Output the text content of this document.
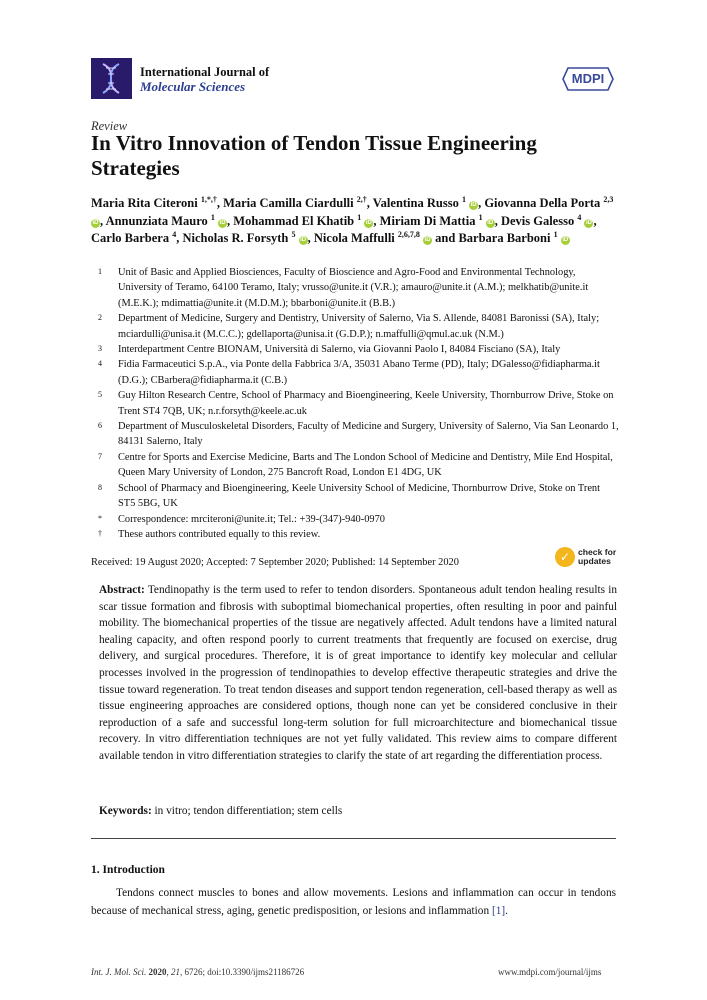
International Journal of
Molecular Sciences
MDPI
Review
In Vitro Innovation of Tendon Tissue Engineering Strategies
Maria Rita Citeroni $^{1,*,\dagger}$, Maria Camilla Ciardulli $^{2,\dagger}$, Valentina Russo $^1$ iD , Giovanna Della Porta $^{2,3}$ iD , Annunziata Mauro $^1$ iD , Mohammad El Khatib $^1$ iD , Miriam Di Mattia $^1$ iD , Devis Galesso $^4$ iD , Carlo Barbera $^4$, Nicholas R. Forsyth $^5$ iD , Nicola Maffulli $^{2,6,7,8}$ iD and Barbara Barboni $^1$ iD
1	Unit of Basic and Applied Biosciences, Faculty of Bioscience and Agro-Food and Environmental Technology, University of Teramo, 64100 Teramo, Italy; vrusso@unite.it (V.R.); amauro@unite.it (A.M.); melkhatib@unite.it (M.E.K.); mdimattia@unite.it (M.D.M.); bbarboni@unite.it (B.B.)
2	Department of Medicine, Surgery and Dentistry, University of Salerno, Via S. Allende, 84081 Baronissi (SA), Italy; mciardulli@unisa.it (M.C.C.); gdellaporta@unisa.it (G.D.P.); n.maffulli@qmul.ac.uk (N.M.)
3	Interdepartment Centre BIONAM, Università di Salerno, via Giovanni Paolo I, 84084 Fisciano (SA), Italy
4	Fidia Farmaceutici S.p.A., via Ponte della Fabbrica 3/A, 35031 Abano Terme (PD), Italy; DGalesso@fidiapharma.it (D.G.); CBarbera@fidiapharma.it (C.B.)
5	Guy Hilton Research Centre, School of Pharmacy and Bioengineering, Keele University, Thornburrow Drive, Stoke on Trent ST4 7QB, UK; n.r.forsyth@keele.ac.uk
6	Department of Musculoskeletal Disorders, Faculty of Medicine and Surgery, University of Salerno, Via San Leonardo 1, 84131 Salerno, Italy
7	Centre for Sports and Exercise Medicine, Barts and The London School of Medicine and Dentistry, Mile End Hospital, Queen Mary University of London, 275 Bancroft Road, London E1 4DG, UK
8	School of Pharmacy and Bioengineering, Keele University School of Medicine, Thornburrow Drive, Stoke on Trent ST5 5BG, UK
*	Correspondence: mrciteroni@unite.it; Tel.: +39-(347)-940-0970
†	These authors contributed equally to this review.
Received: 19 August 2020; Accepted: 7 September 2020; Published: 14 September 2020	✓ check for
updates
Abstract: Tendinopathy is the term used to refer to tendon disorders. Spontaneous adult tendon healing results in scar tissue formation and fibrosis with suboptimal biomechanical properties, often resulting in poor and painful mobility. The biomechanical properties of the tissue are negatively affected. Adult tendons have a limited natural healing capacity, and often respond poorly to current treatments that frequently are focused on exercise, drug delivery, and surgical procedures. Therefore, it is of great importance to identify key molecular and cellular processes involved in the progression of tendinopathies to develop effective therapeutic strategies and drive the tissue toward regeneration. To treat tendon diseases and support tendon regeneration, cell-based therapy as well as tissue engineering approaches are considered options, though none can yet be considered conclusive in their reproduction of a safe and successful long-term solution for full microarchitecture and biomechanical tissue recovery. In vitro differentiation techniques are not yet fully validated. This review aims to compare different available tendon in vitro differentiation strategies to clarify the state of art regarding the differentiation process.
Keywords: in vitro; tendon differentiation; stem cells
1. Introduction
Tendons connect muscles to bones and allow movements. Lesions and inflammation can occur in tendons because of mechanical stress, aging, genetic predisposition, or lesions and inflammation [1].
Int. J. Mol. Sci. 2020, 21, 6726; doi:10.3390/ijms21186726	www.mdpi.com/journal/ijms
